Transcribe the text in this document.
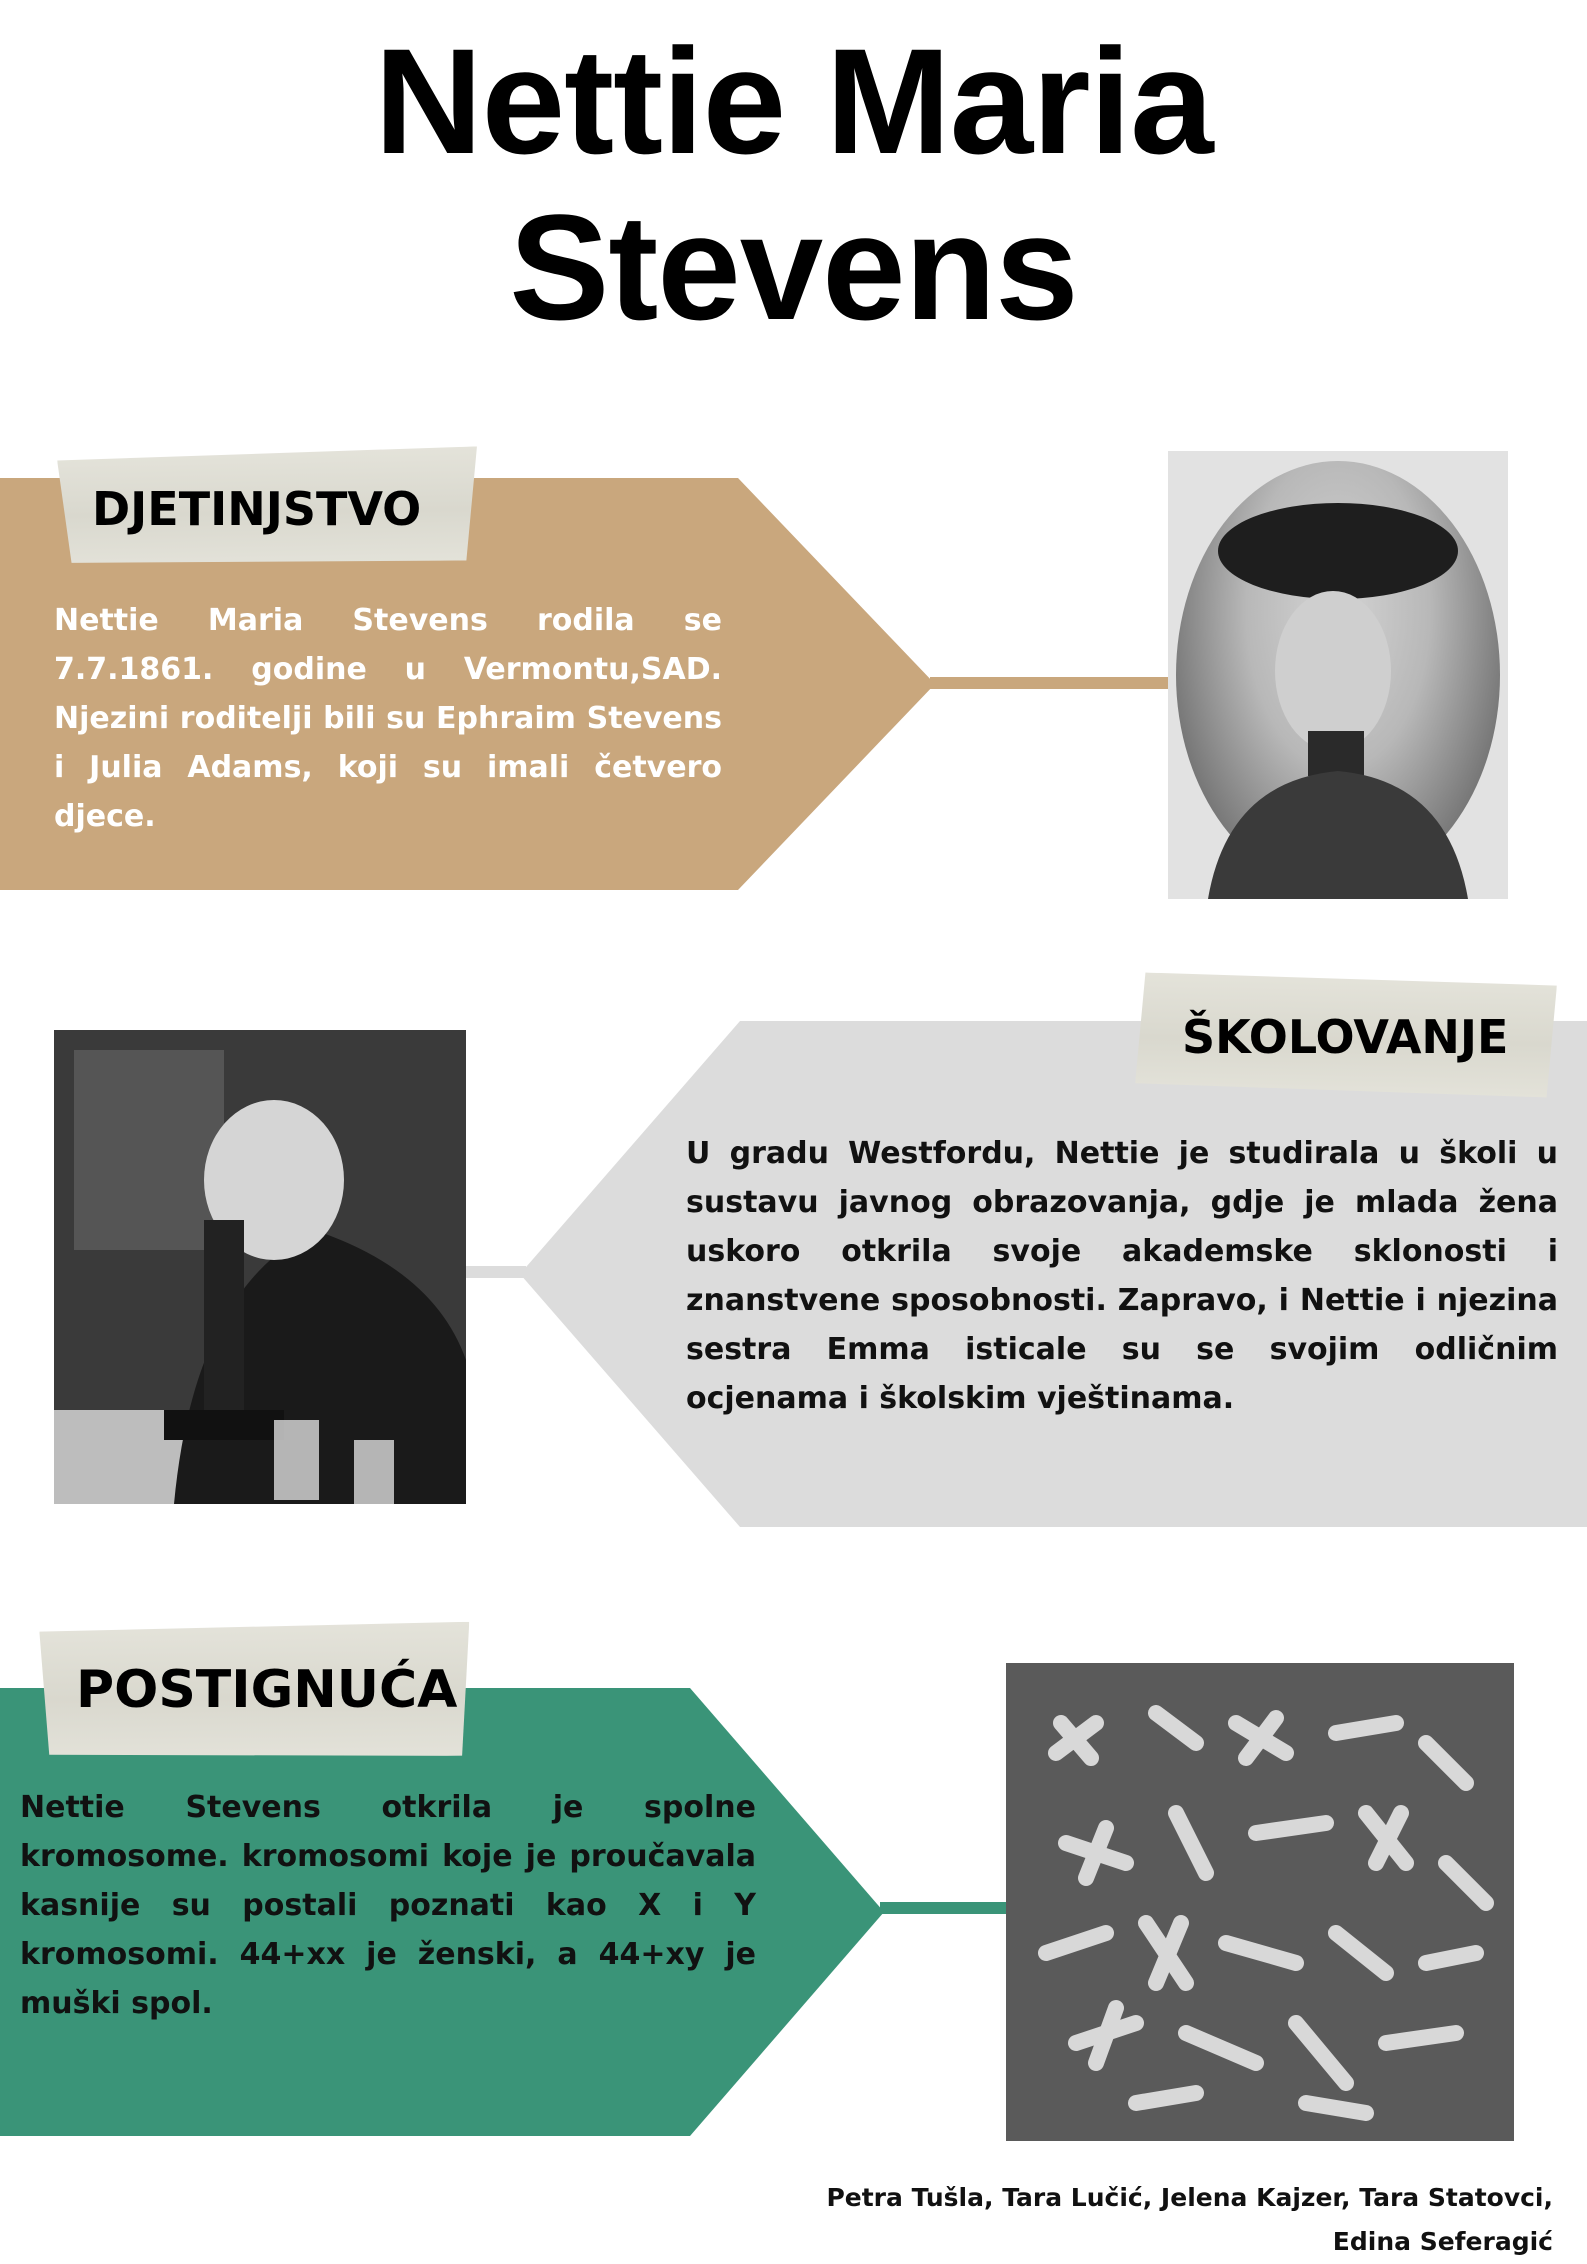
Nettie Maria
Stevens
DJETINJSTVO
Nettie Maria Stevens rodila se 7.7.1861. godine u Vermontu,SAD. Njezini roditelji bili su Ephraim Stevens i Julia Adams, koji su imali četvero djece.
ŠKOLOVANJE
U gradu Westfordu, Nettie je studirala u školi u sustavu javnog obrazovanja, gdje je mlada žena uskoro otkrila svoje akademske sklonosti i znanstvene sposobnosti. Zapravo, i Nettie i njezina sestra Emma isticale su se svojim odličnim ocjenama i školskim vještinama.
POSTIGNUĆA
Nettie Stevens otkrila je spolne kromosome. kromosomi koje je proučavala kasnije su postali poznati kao X i Y kromosomi. 44+xx je ženski, a 44+xy je muški spol.
Petra Tušla, Tara Lučić, Jelena Kajzer, Tara Statovci,
Edina Seferagić
